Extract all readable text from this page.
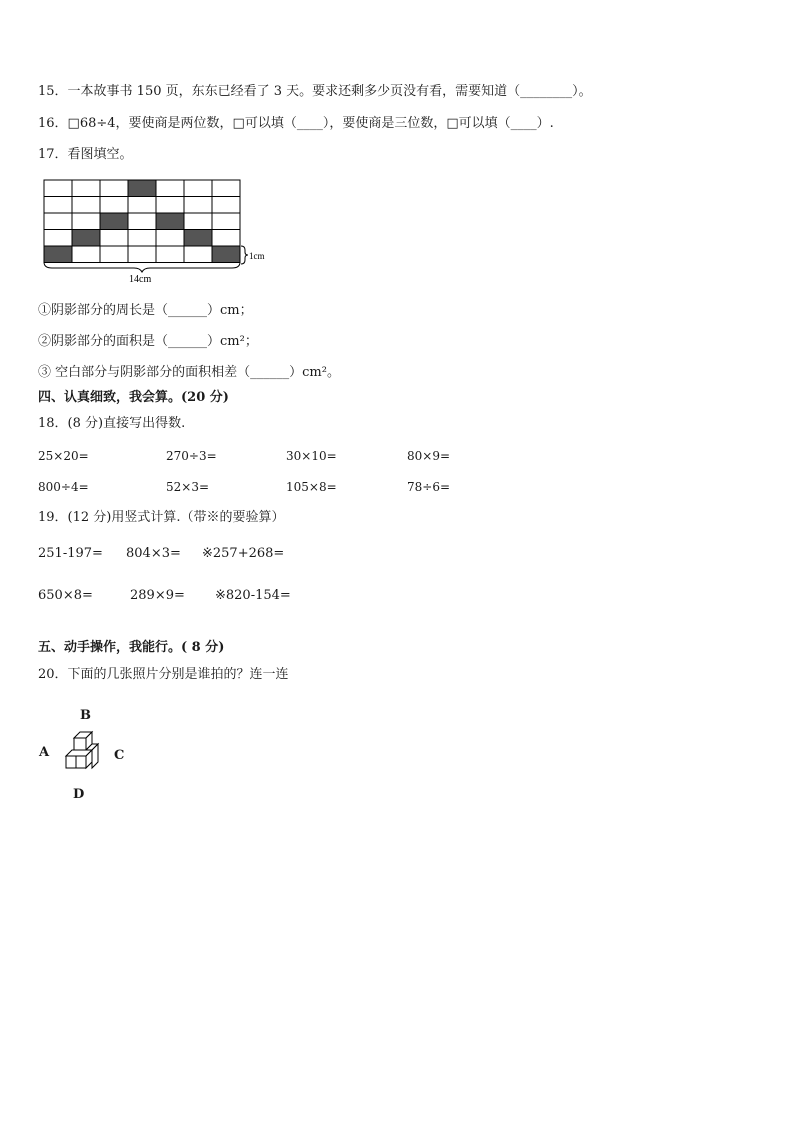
15．一本故事书 150 页，东东已经看了 3 天。要求还剩多少页没有看，需要知道（________）。
16．□68÷4，要使商是两位数，□可以填（____），要使商是三位数，□可以填（____）.
17．看图填空。
14cm
1cm
①阴影部分的周长是（______）cm；
②阴影部分的面积是（______）cm²；
③ 空白部分与阴影部分的面积相差（______）cm²。
四、认真细致，我会算。(20 分)
18．(8 分)直接写出得数.
25×20=	270÷3=	30×10=	80×9=
800÷4=	52×3=	105×8=	78÷6=
19．(12 分)用竖式计算.（带※的要验算）
251-197= 804×3= ※257+268=
650×8=	289×9= ※820-154=
五、动手操作，我能行。( 8 分)
20．下面的几张照片分别是谁拍的？连一连
B
A	C
D
